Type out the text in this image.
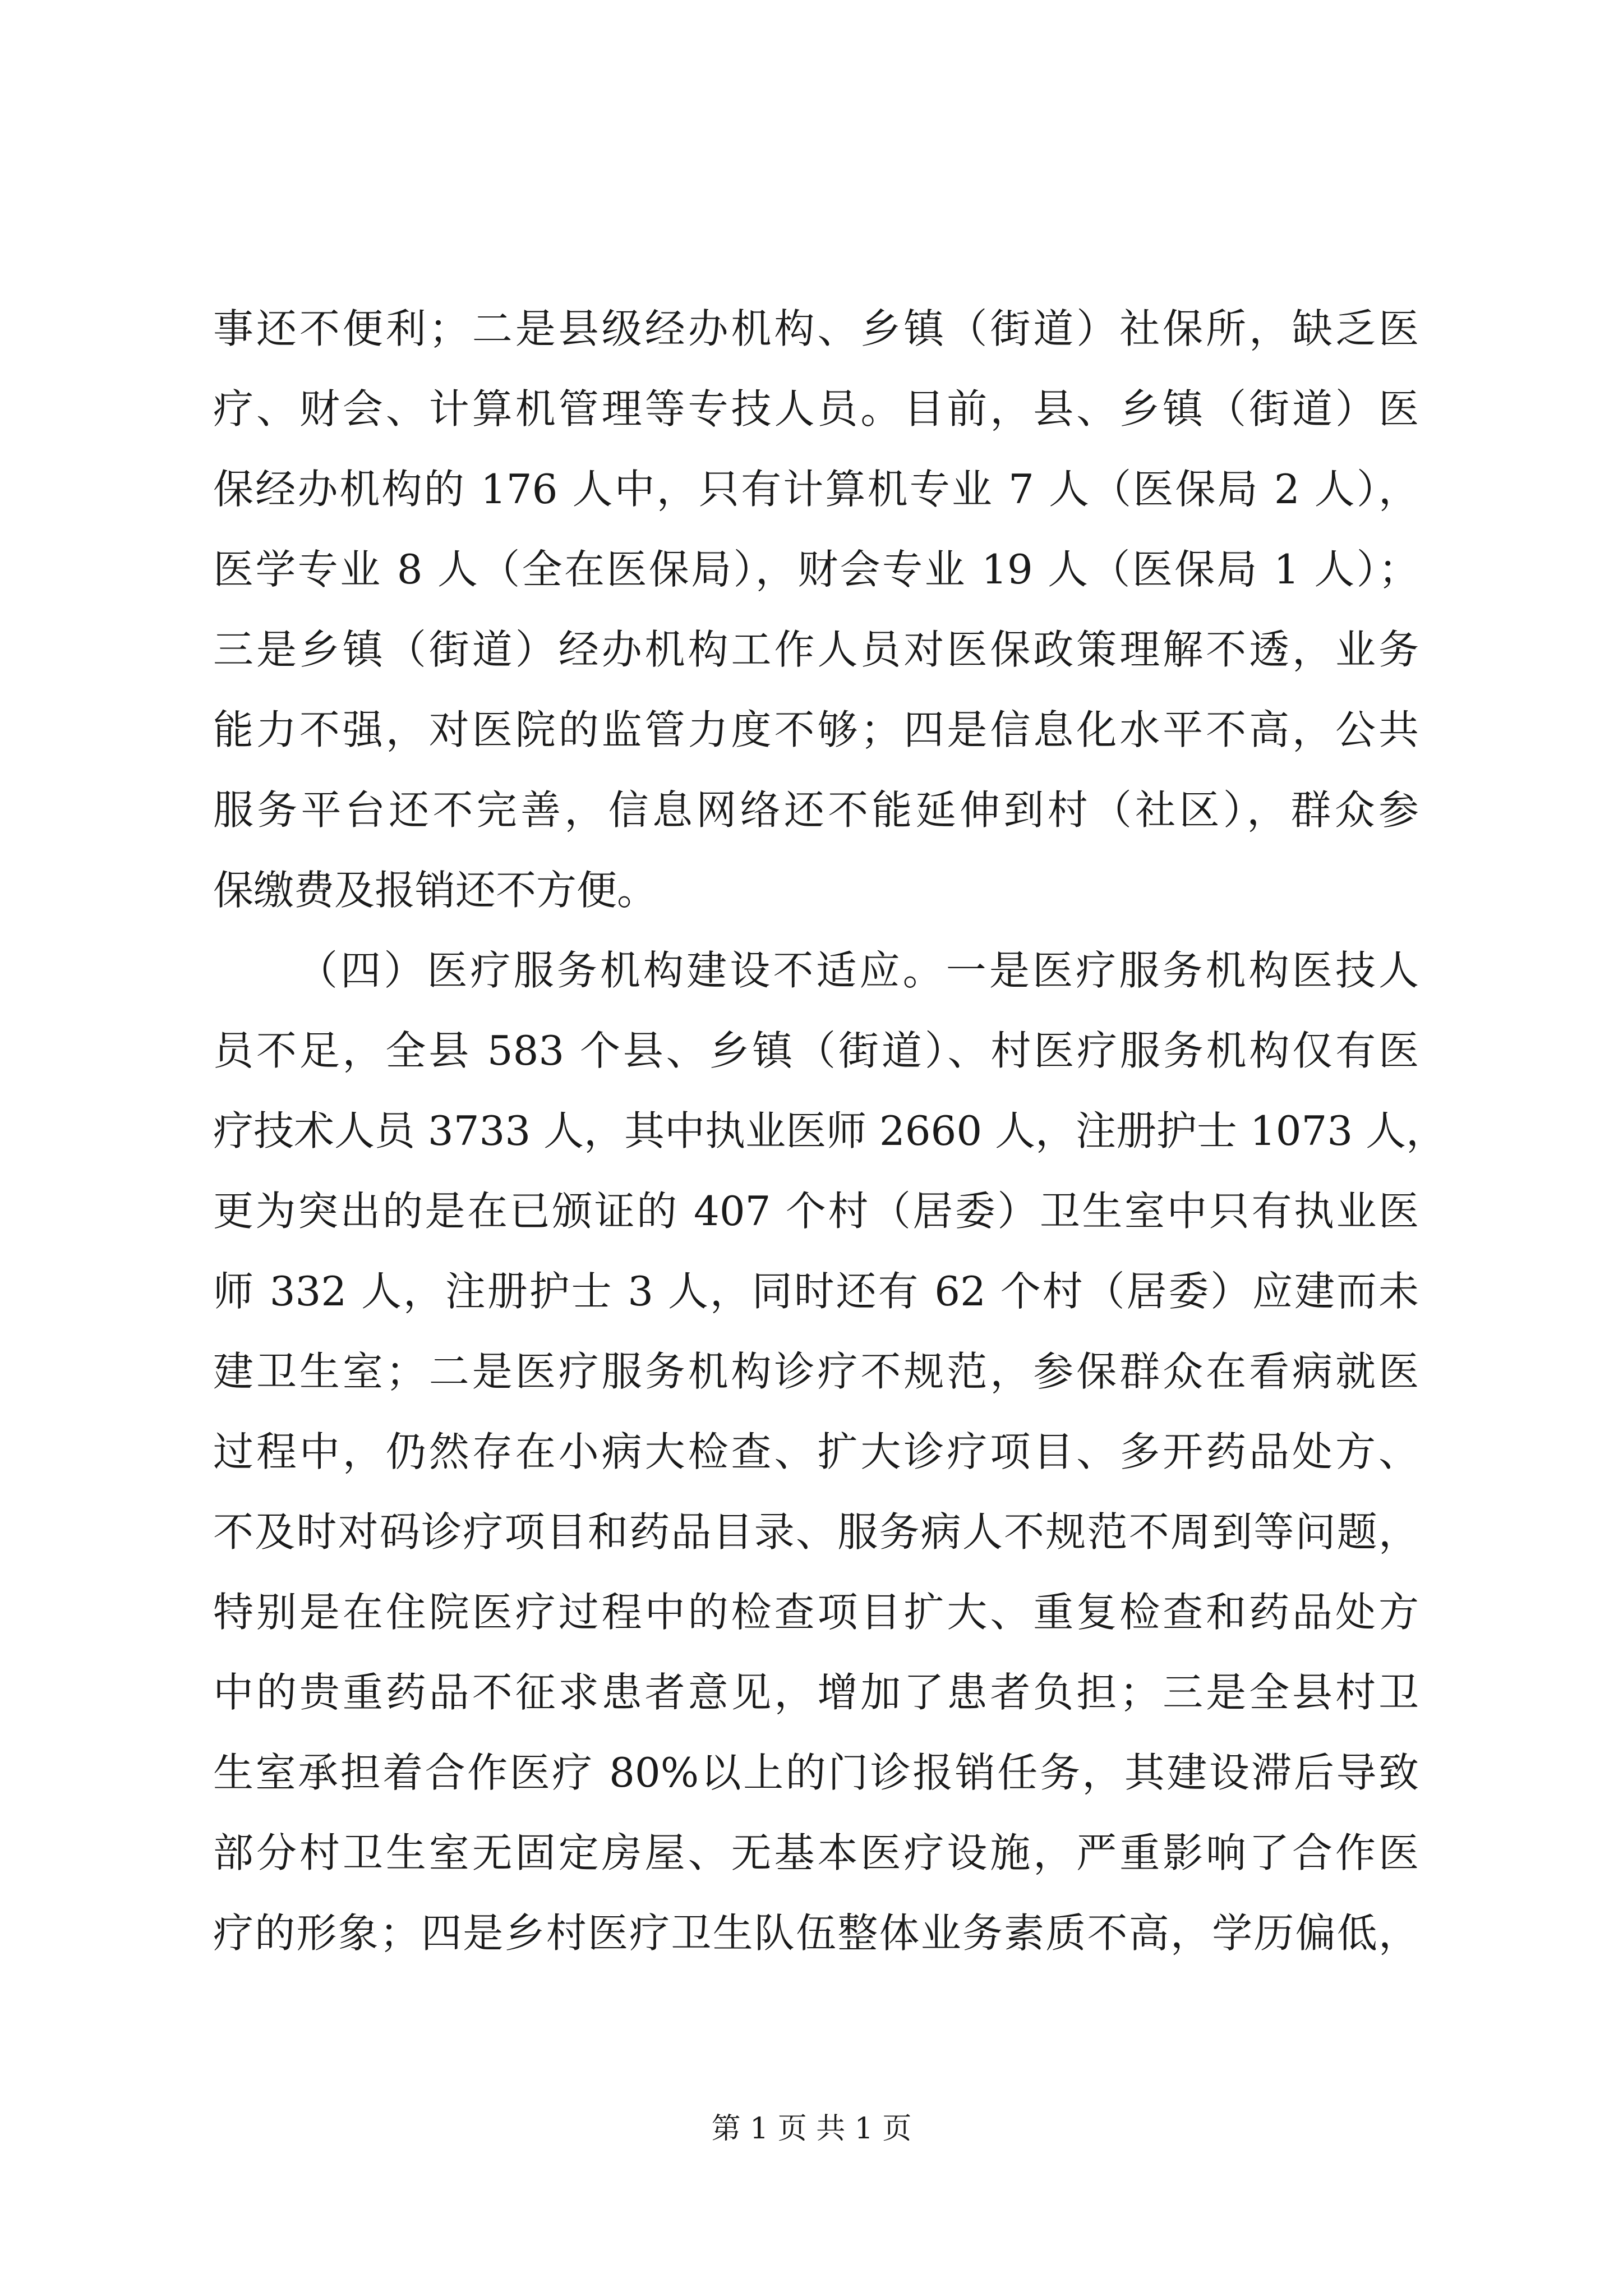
事还不便利；二是县级经办机构、乡镇（街道）社保所，缺乏医
疗、财会、计算机管理等专技人员。目前，县、乡镇（街道）医
保经办机构的 176 人中，只有计算机专业 7 人（医保局 2 人），
医学专业 8 人（全在医保局），财会专业 19 人（医保局 1 人）；
三是乡镇（街道）经办机构工作人员对医保政策理解不透，业务
能力不强，对医院的监管力度不够；四是信息化水平不高，公共
服务平台还不完善，信息网络还不能延伸到村（社区），群众参
保缴费及报销还不方便。
（四）医疗服务机构建设不适应。一是医疗服务机构医技人
员不足，全县 583 个县、乡镇（街道）、村医疗服务机构仅有医
疗技术人员 3733 人，其中执业医师 2660 人，注册护士 1073 人，
更为突出的是在已颁证的 407 个村（居委）卫生室中只有执业医
师 332 人，注册护士 3 人，同时还有 62 个村（居委）应建而未
建卫生室；二是医疗服务机构诊疗不规范，参保群众在看病就医
过程中，仍然存在小病大检查、扩大诊疗项目、多开药品处方、
不及时对码诊疗项目和药品目录、服务病人不规范不周到等问题，
特别是在住院医疗过程中的检查项目扩大、重复检查和药品处方
中的贵重药品不征求患者意见，增加了患者负担；三是全县村卫
生室承担着合作医疗 80%以上的门诊报销任务，其建设滞后导致
部分村卫生室无固定房屋、无基本医疗设施，严重影响了合作医
疗的形象；四是乡村医疗卫生队伍整体业务素质不高，学历偏低，
第 1 页 共 1 页
